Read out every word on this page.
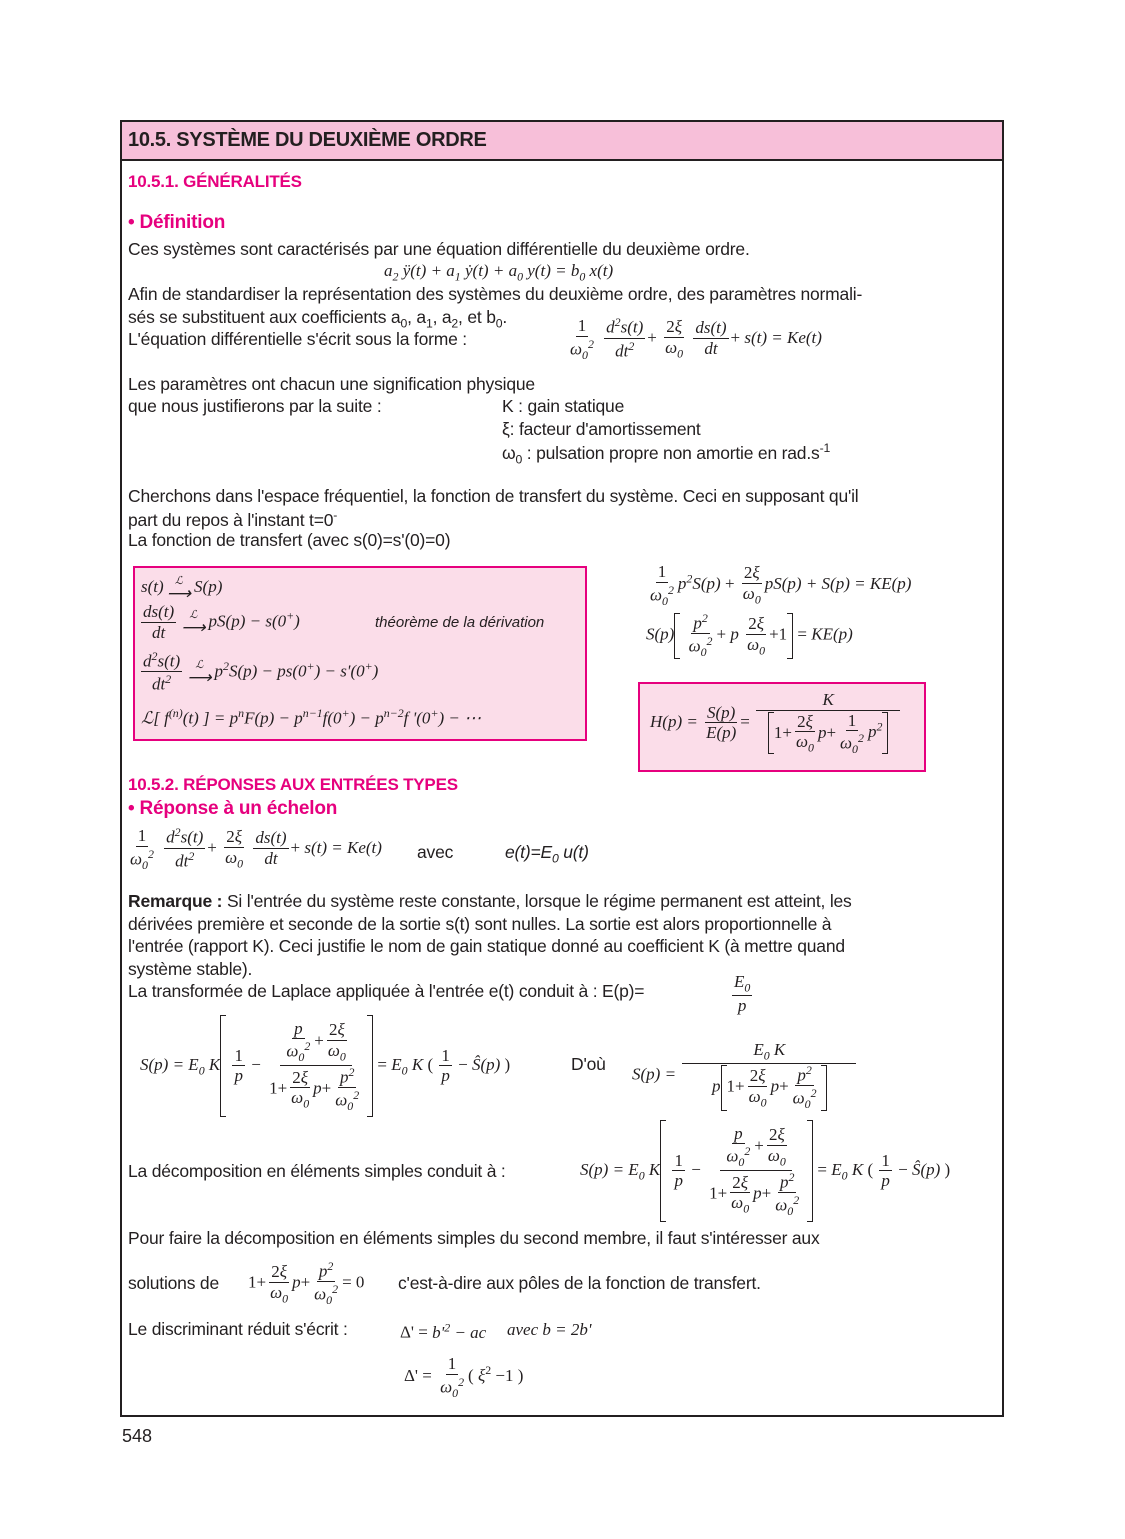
10.5. SYSTÈME DU DEUXIÈME ORDRE
10.5.1. GÉNÉRALITÉS
• Définition
Ces systèmes sont caractérisés par une équation différentielle du deuxième ordre.
$a_2$ ÿ(t) + $a_1$ ẏ(t) + $a_0$ $y(t) = b_0$ x(t)
Afin de standardiser la représentation des systèmes du deuxième ordre, des paramètres normali-
sés se substituent aux coefficients $a_0$, $a_1$, $a_2$, et $b_0$.
L'équation différentielle s'écrit sous la forme :	$\frac{1}{\omega_0^2}$
$\frac{d^2s(t)}{dt^2} + \frac{2\xi}{\omega_0}$
$\frac{ds(t)}{dt} + s(t) = Ke(t)$
Les paramètres ont chacun une signification physique
que nous justifierons par la suite :	K : gain statique
ξ: facteur d'amortissement
$\omega_0$ : pulsation propre non amortie en $rad.s^{-1}$
Cherchons dans l'espace fréquentiel, la fonction de transfert du système. Ceci en supposant qu'il
part du repos à l'instant t=0-
La fonction de transfert (avec s(0)=s'(0)=0)
s(t) ℒ
⟶ S(p)
$\frac{ds(t)}{dt}$ ℒ
⟶ pS(p) − s(0+)	théorème de la dérivation
$\frac{d^2s(t)}{dt^2}$ ℒ
⟶ $p^2S(p) - ps(0^+) - s'(0^+)$
ℒ[ $f^{(n)}(t)$ ] = $p^nF(p) - p^{n-1}f(0^+) - p^{n-2}f$ '(0+) − ⋯
$\frac{1}{\omega_0^2} p^2S(p) + \frac{2\xi}{\omega_0} pS(p) + S(p) = KE(p)$
$S(p) \frac{p^2}{\omega_0^2} + p \frac{2\xi}{\omega_0} +1 = KE(p)$
$H(p) = \frac{S(p)}{E(p)} = \frac{K}{1+ \frac{2\xi}{\omega_0} p+ \frac{1}{\omega_0^2} p^2}$
10.5.2. RÉPONSES AUX ENTRÉES TYPES
• Réponse à un échelon
$\frac{1}{\omega_0^2}$
$\frac{d^2s(t)}{dt^2} + \frac{2\xi}{\omega_0}$
$\frac{ds(t)}{dt} + s(t) = Ke(t)$ avec	$e(t)=E_0$ u(t)
Remarque : Si l'entrée du système reste constante, lorsque le régime permanent est atteint, les
dérivées première et seconde de la sortie s(t) sont nulles. La sortie est alors proportionnelle à
l'entrée (rapport K). Ceci justifie le nom de gain statique donné au coefficient K (à mettre quand
système stable).
La transformée de Laplace appliquée à l'entrée e(t) conduit à : E(p)=	$\frac{E_0}{p}$
$S(p) = E_0$ K $\frac{1}{p} - \frac{\frac{p}{\omega_0^2} + \frac{2\xi}{\omega_0}}{1+ \frac{2\xi}{\omega_0} p+ \frac{p^2}{\omega_0^2}} = E_0$ K ( $\frac{1}{p}$ − Ŝ(p) )	D'où
$S(p) = \frac{E_0 K}{p 1+ \frac{2\xi}{\omega_0} p+ \frac{p^2}{\omega_0^2}}$
La décomposition en éléments simples conduit à :	$S(p) = E_0$ K $\frac{1}{p} - \frac{\frac{p}{\omega_0^2} + \frac{2\xi}{\omega_0}}{1+ \frac{2\xi}{\omega_0} p+ \frac{p^2}{\omega_0^2}} = E_0$ K ( $\frac{1}{p}$ − Ŝ(p) )
Pour faire la décomposition en éléments simples du second membre, il faut s'intéresser aux
solutions de $1+ \frac{2\xi}{\omega_0} p+ \frac{p^2}{\omega_0^2} = 0$ c'est-à-dire aux pôles de la fonction de transfert.
Le discriminant réduit s'écrit :	$\Delta' = b'^2$ − ac avec b = 2b'
$\Delta' = \frac{1}{\omega_0^2}$ ( $\xi^2 -1$ )
548
